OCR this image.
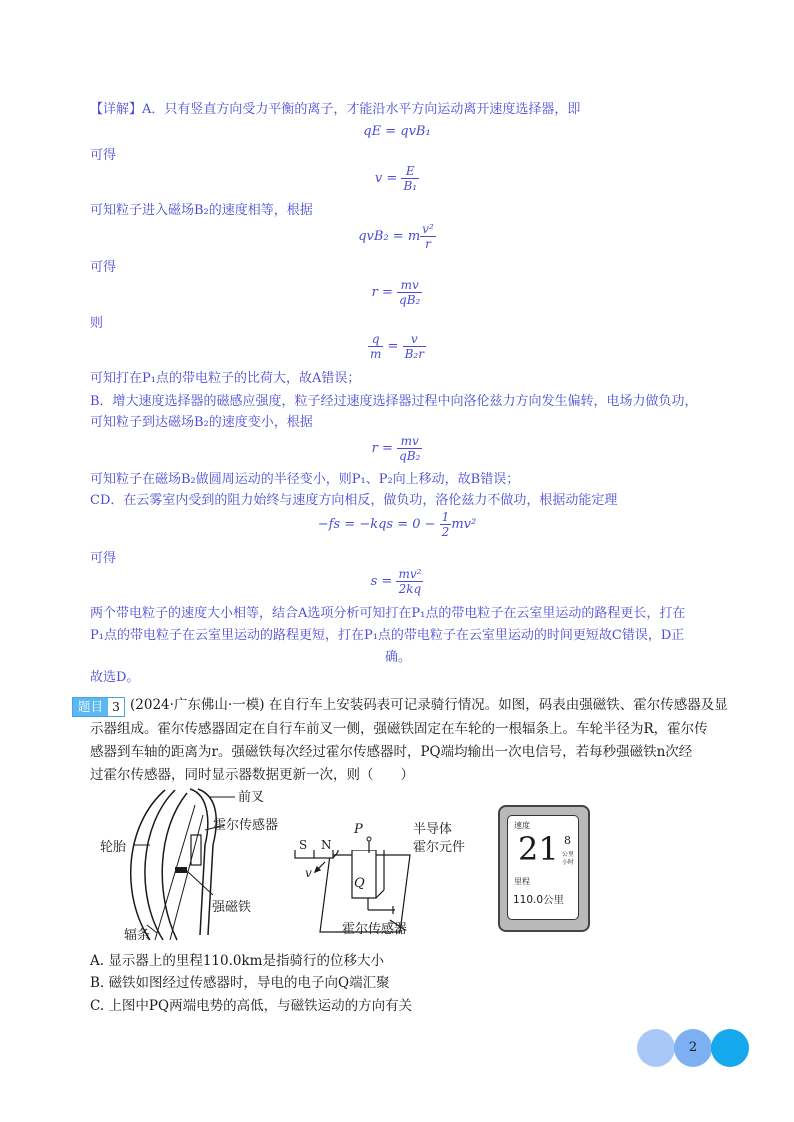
【详解】A．只有竖直方向受力平衡的离子，才能沿水平方向运动离开速度选择器，即
qE = qvB₁
可得
$v = \frac{E}{\text{B₁}}$
可知粒子进入磁场B₂的速度相等，根据
qvB₂ = m $\frac{\text{v²}}{r}$
可得
$r = \frac{mv}{\text{qB₂}}$
则
$\frac{q}{m} = \frac{v}{\text{B₂r}}$
可知打在P₁点的带电粒子的比荷大，故A错误；
B．增大速度选择器的磁感应强度，粒子经过速度选择器过程中向洛伦兹力方向发生偏转，电场力做负功，
可知粒子到达磁场B₂的速度变小，根据
$r = \frac{mv}{\text{qB₂}}$
可知粒子在磁场B₂做圆周运动的半径变小，则P₁、P₂向上移动，故B错误；
CD．在云雾室内受到的阻力始终与速度方向相反，做负功，洛伦兹力不做功，根据动能定理
$-fs = -kqs = 0 - \frac{1}{2} mv^2$
可得
$s = \frac{\text{mv²}}{2kq}$
两个带电粒子的速度大小相等，结合A选项分析可知打在P₁点的带电粒子在云室里运动的路程更长，打在
P₁点的带电粒子在云室里运动的路程更短，打在P₁点的带电粒子在云室里运动的时间更短故C错误，D正
确。
故选D。
题目 3 (2024·广东佛山·一模) 在自行车上安装码表可记录骑行情况。如图，码表由强磁铁、霍尔传感器及显
示器组成。霍尔传感器固定在自行车前叉一侧，强磁铁固定在车轮的一根辐条上。车轮半径为R，霍尔传
感器到车轴的距离为r。强磁铁每次经过霍尔传感器时，PQ端均输出一次电信号，若每秒强磁铁n次经
过霍尔传感器，同时显示器数据更新一次，则（　　）
前叉
霍尔传感器
轮胎
强磁铁
辐条
P
Q
S N
v
半导体
霍尔元件
霍尔传感器
速度
21 8
公里
小时
里程
110.0公里
A. 显示器上的里程110.0km是指骑行的位移大小
B. 磁铁如图经过传感器时，导电的电子向Q端汇聚
C. 上图中PQ两端电势的高低，与磁铁运动的方向有关
2
